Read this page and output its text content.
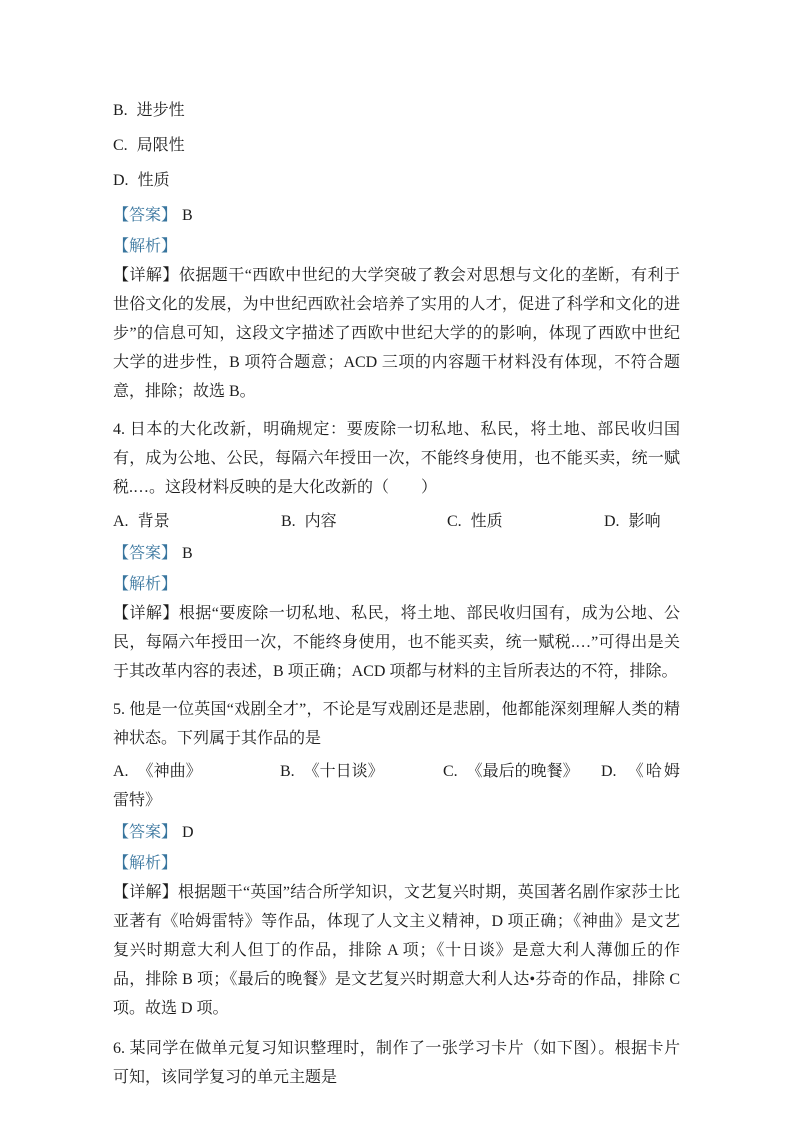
B. 进步性
C. 局限性
D. 性质
【答案】 B
【解析】

【详解】依据题干“西欧中世纪的大学突破了教会对思想与文化的垄断，有利于世俗文化的发展，为中世纪西欧社会培养了实用的人才，促进了科学和文化的进步”的信息可知，这段文字描述了西欧中世纪大学的的影响，体现了西欧中世纪大学的进步性，B 项符合题意；ACD 三项的内容题干材料没有体现，不符合题意，排除；故选 B。

4. 日本的大化改新，明确规定：要废除一切私地、私民，将土地、部民收归国有，成为公地、公民，每隔六年授田一次，不能终身使用，也不能买卖，统一赋税.…。这段材料反映的是大化改新的（　　）

A. 背景	B. 内容	C. 性质	D. 影响
【答案】 B
【解析】

【详解】根据“要废除一切私地、私民，将土地、部民收归国有，成为公地、公民，每隔六年授田一次，不能终身使用，也不能买卖，统一赋税.…”可得出是关于其改革内容的表述，B 项正确；ACD 项都与材料的主旨所表达的不符，排除。

5. 他是一位英国“戏剧全才”，不论是写戏剧还是悲剧，他都能深刻理解人类的精神状态。下列属于其作品的是

A. 《神曲》	B. 《十日谈》	C. 《最后的晚餐》 D. 《哈姆雷特》
【答案】 D
【解析】

【详解】根据题干“英国”结合所学知识，文艺复兴时期，英国著名剧作家莎士比亚著有《哈姆雷特》等作品，体现了人文主义精神，D 项正确；《神曲》是文艺复兴时期意大利人但丁的作品，排除 A 项；《十日谈》是意大利人薄伽丘的作品，排除 B 项；《最后的晚餐》是文艺复兴时期意大利人达•芬奇的作品，排除 C 项。故选 D 项。

6. 某同学在做单元复习知识整理时，制作了一张学习卡片（如下图）。根据卡片可知，该同学复习的单元主题是
